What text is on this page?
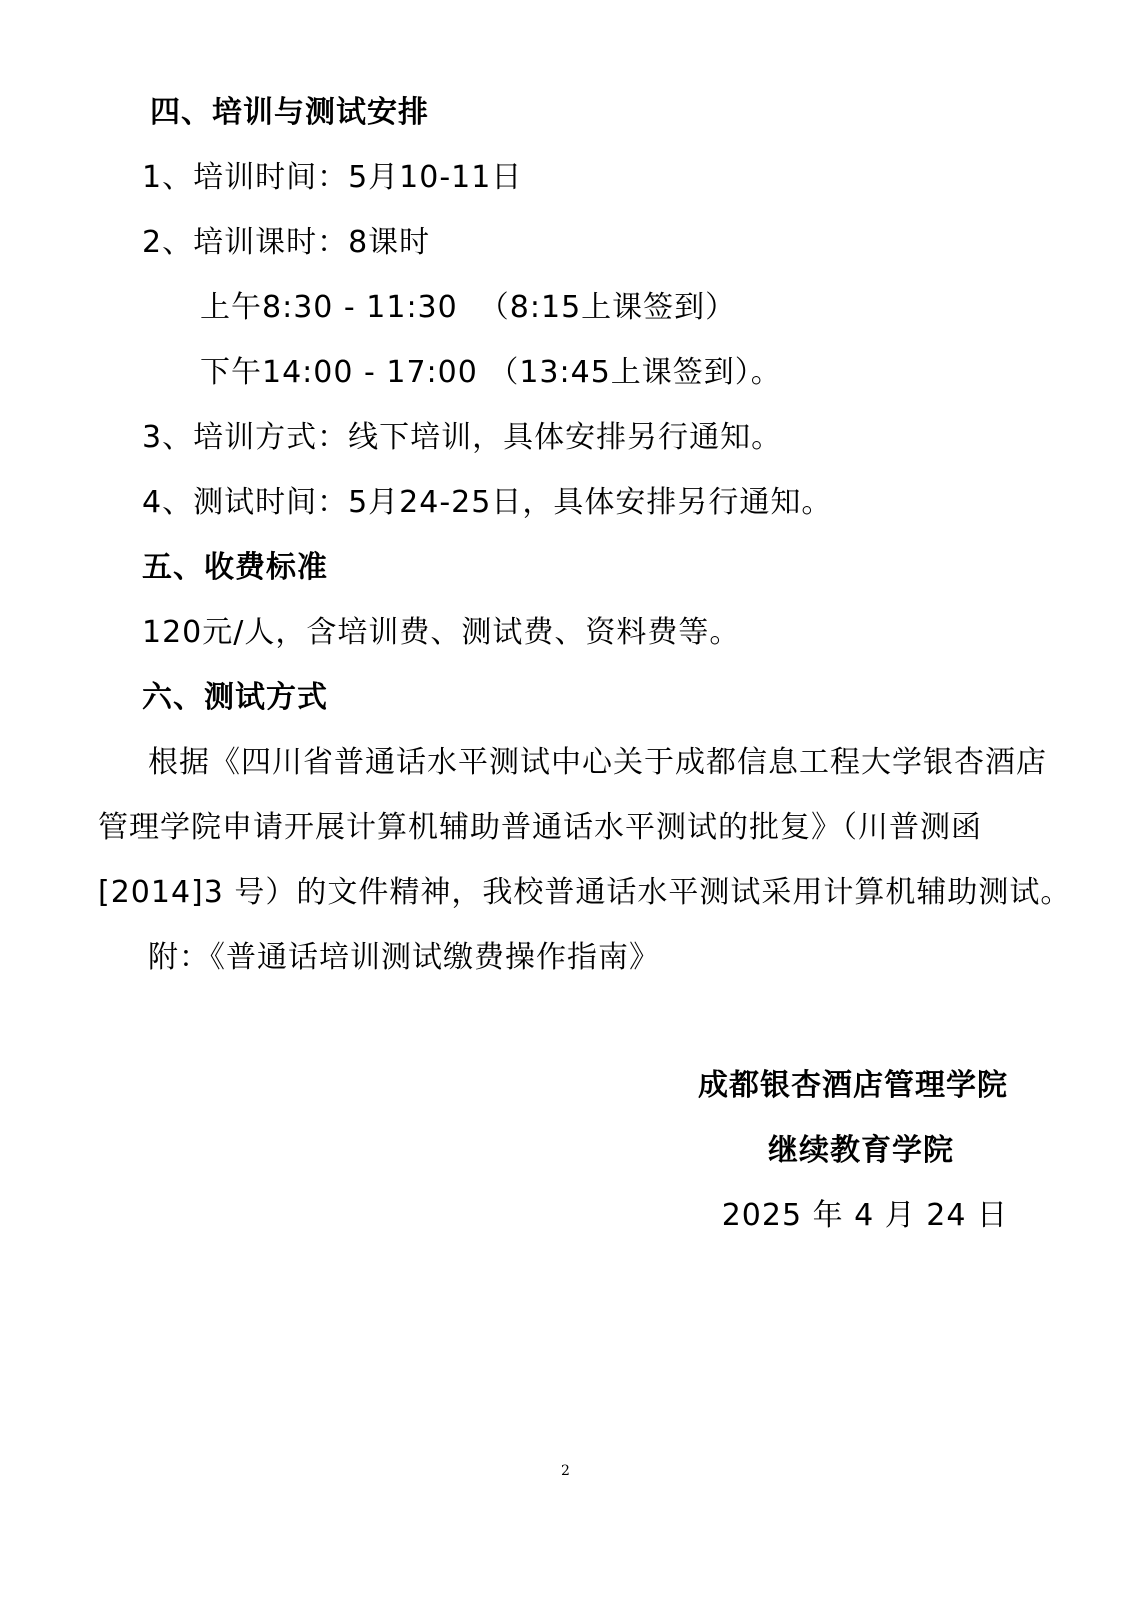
四、培训与测试安排
1、培训时间：5月10-11日
2、培训课时：8课时
上午8:30 - 11:30  （8:15上课签到）
下午14:00 - 17:00 （13:45上课签到）。
3、培训方式：线下培训，具体安排另行通知。
4、测试时间：5月24-25日，具体安排另行通知。
五、收费标准
120元/人，含培训费、测试费、资料费等。
六、测试方式
根据《四川省普通话水平测试中心关于成都信息工程大学银杏酒店
管理学院申请开展计算机辅助普通话水平测试的批复》（川普测函
[2014]3 号）的文件精神，我校普通话水平测试采用计算机辅助测试。
附：《普通话培训测试缴费操作指南》
成都银杏酒店管理学院
继续教育学院
2025 年 4 月 24 日
2
